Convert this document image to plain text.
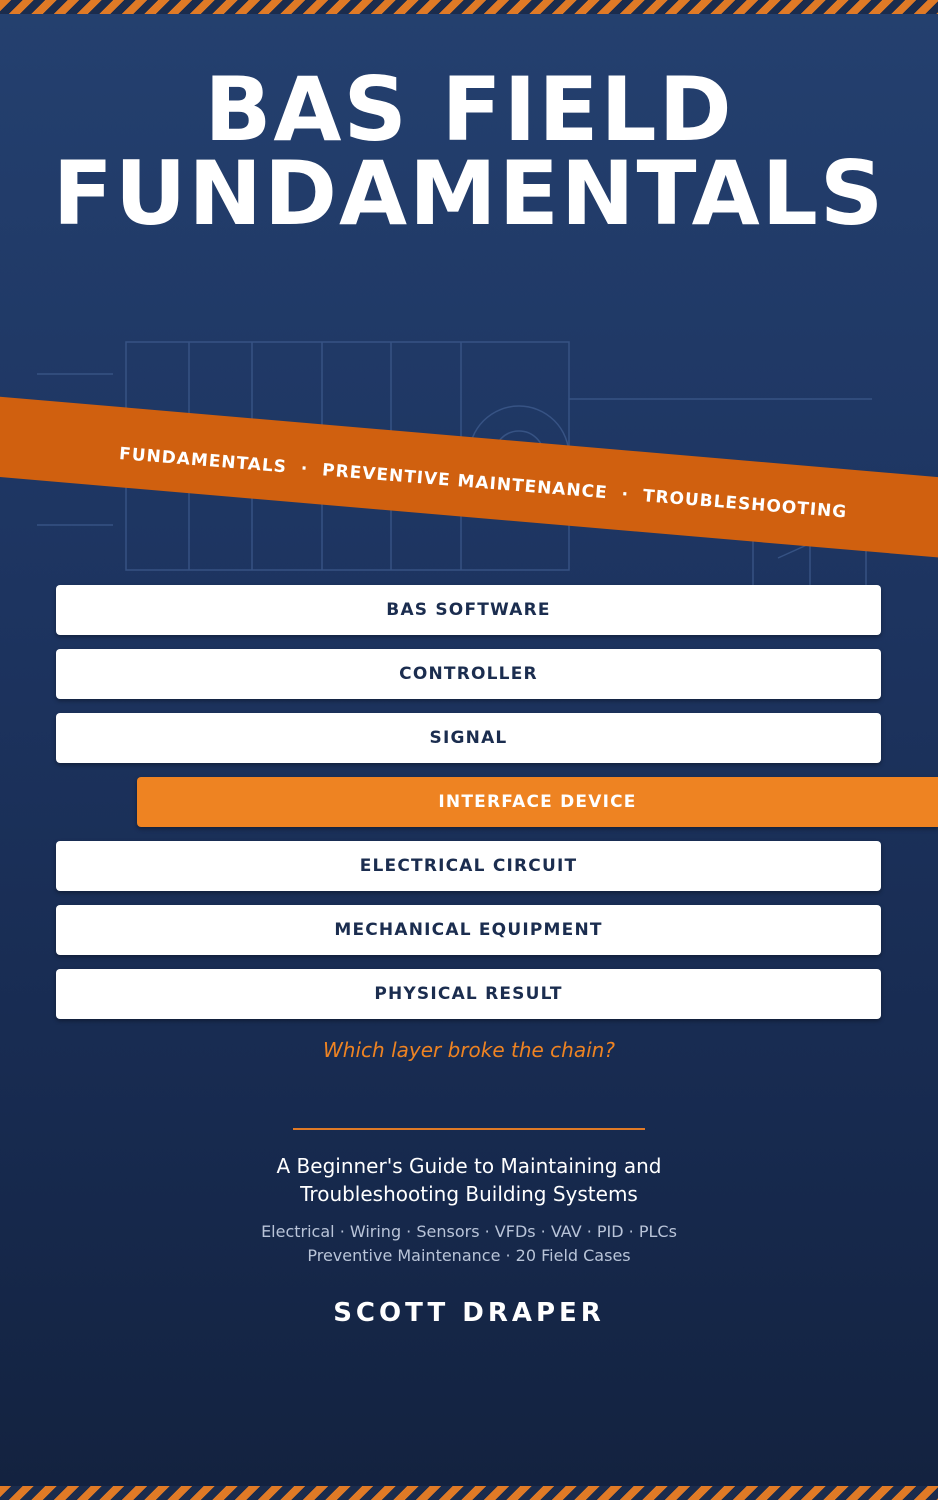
BAS FIELD
FUNDAMENTALS
FUNDAMENTALS · PREVENTIVE MAINTENANCE · TROUBLESHOOTING
BAS SOFTWARE
CONTROLLER
SIGNAL
INTERFACE DEVICE
ELECTRICAL CIRCUIT
MECHANICAL EQUIPMENT
PHYSICAL RESULT
Which layer broke the chain?
A Beginner's Guide to Maintaining and
Troubleshooting Building Systems
Electrical · Wiring · Sensors · VFDs · VAV · PID · PLCs
Preventive Maintenance · 20 Field Cases
SCOTT DRAPER
